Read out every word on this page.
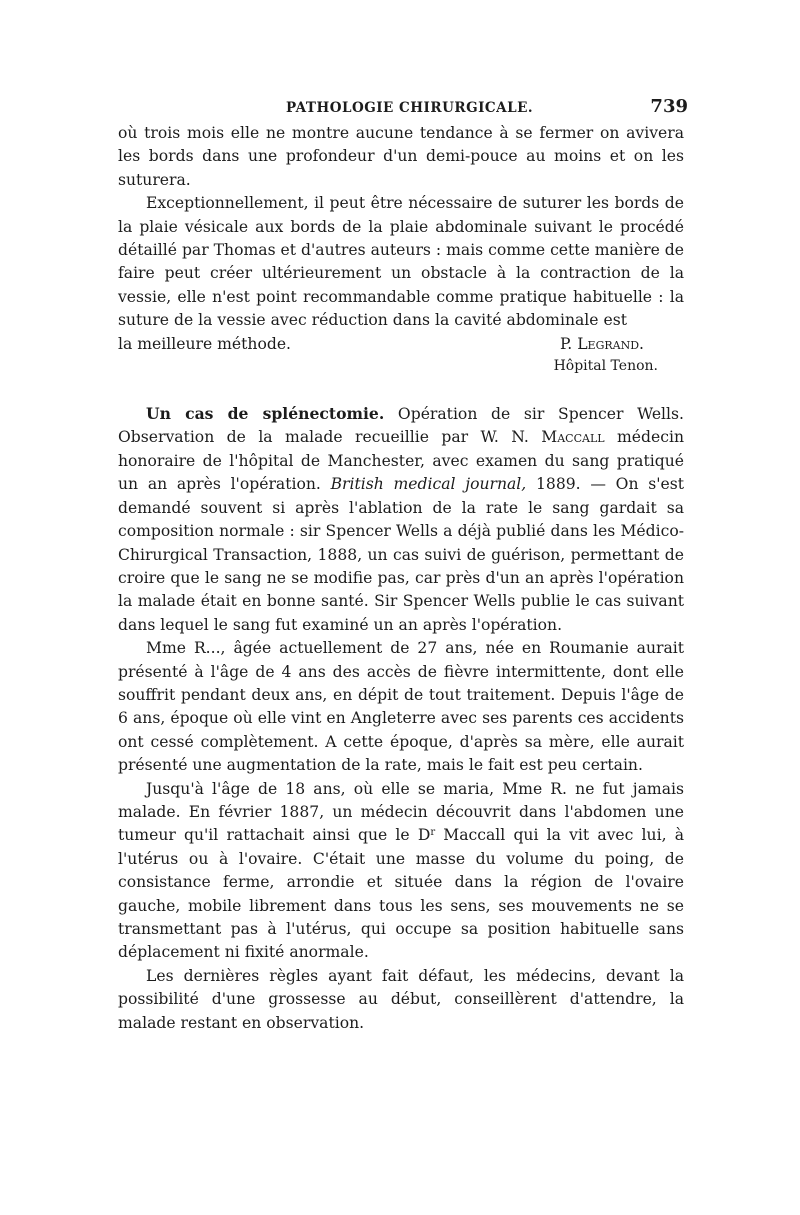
PATHOLOGIE CHIRURGICALE.	739

où trois mois elle ne montre aucune tendance à se fermer on avivera les bords dans une profondeur d'un demi-pouce au moins et on les suturera.

Exceptionnellement, il peut être nécessaire de suturer les bords de la plaie vésicale aux bords de la plaie abdominale suivant le procédé détaillé par Thomas et d'autres auteurs : mais comme cette manière de faire peut créer ultérieurement un obstacle à la contraction de la vessie, elle n'est point recommandable comme pratique habituelle : la suture de la vessie avec réduction dans la cavité abdominale est

la meilleure méthode.	P. Legrand.
Hôpital Tenon.

Un cas de splénectomie. Opération de sir Spencer Wells. Observation de la malade recueillie par W. N. Maccall médecin honoraire de l'hôpital de Manchester, avec examen du sang pratiqué un an après l'opération. British medical journal, 1889. — On s'est demandé souvent si après l'ablation de la rate le sang gardait sa composition normale : sir Spencer Wells a déjà publié dans les Médico-Chirurgical Transaction, 1888, un cas suivi de guérison, permettant de croire que le sang ne se modifie pas, car près d'un an après l'opération la malade était en bonne santé. Sir Spencer Wells publie le cas suivant dans lequel le sang fut examiné un an après l'opération.

Mme R..., âgée actuellement de 27 ans, née en Roumanie aurait présenté à l'âge de 4 ans des accès de fièvre intermittente, dont elle souffrit pendant deux ans, en dépit de tout traitement. Depuis l'âge de 6 ans, époque où elle vint en Angleterre avec ses parents ces accidents ont cessé complètement. A cette époque, d'après sa mère, elle aurait présenté une augmentation de la rate, mais le fait est peu certain.

Jusqu'à l'âge de 18 ans, où elle se maria, Mme R. ne fut jamais malade. En février 1887, un médecin découvrit dans l'abdomen une tumeur qu'il rattachait ainsi que le $D^r$ Maccall qui la vit avec lui, à l'utérus ou à l'ovaire. C'était une masse du volume du poing, de consistance ferme, arrondie et située dans la région de l'ovaire gauche, mobile librement dans tous les sens, ses mouvements ne se transmettant pas à l'utérus, qui occupe sa position habituelle sans déplacement ni fixité anormale.

Les dernières règles ayant fait défaut, les médecins, devant la possibilité d'une grossesse au début, conseillèrent d'attendre, la malade restant en observation.
